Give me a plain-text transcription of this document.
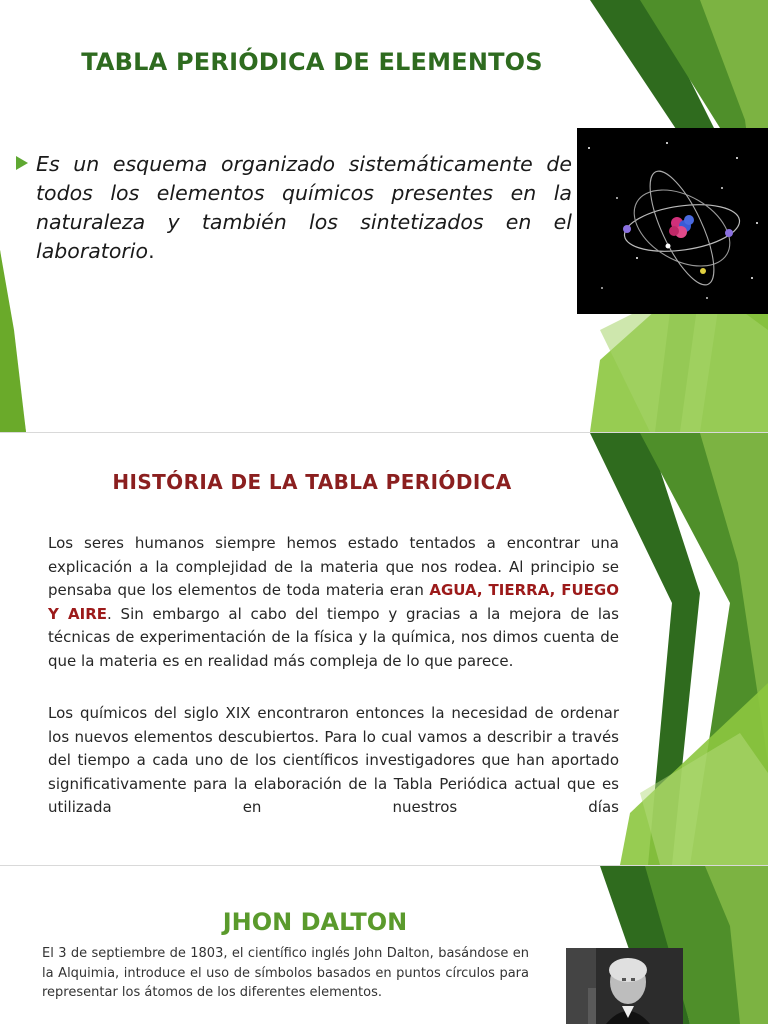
TABLA PERIÓDICA DE ELEMENTOS

Es un esquema organizado sistemáticamente de todos los elementos químicos presentes en la naturaleza y también los sintetizados en el laboratorio.

HISTÓRIA DE LA TABLA PERIÓDICA

Los seres humanos siempre hemos estado tentados a encontrar una explicación a la complejidad de la materia que nos rodea. Al principio se pensaba que los elementos de toda materia eran AGUA, TIERRA, FUEGO Y AIRE. Sin embargo al cabo del tiempo y gracias a la mejora de las técnicas de experimentación de la física y la química, nos dimos cuenta de que la materia es en realidad más compleja de lo que parece.

Los químicos del siglo XIX encontraron entonces la necesidad de ordenar los nuevos elementos descubiertos. Para lo cual vamos a describir a través del tiempo a cada uno de los científicos investigadores que han aportado significativamente para la elaboración de la Tabla Periódica actual que es utilizada en nuestros días

JHON DALTON

El 3 de septiembre de 1803, el científico inglés John Dalton, basándose en la Alquimia, introduce el uso de símbolos basados en puntos círculos para representar los átomos de los diferentes elementos.
